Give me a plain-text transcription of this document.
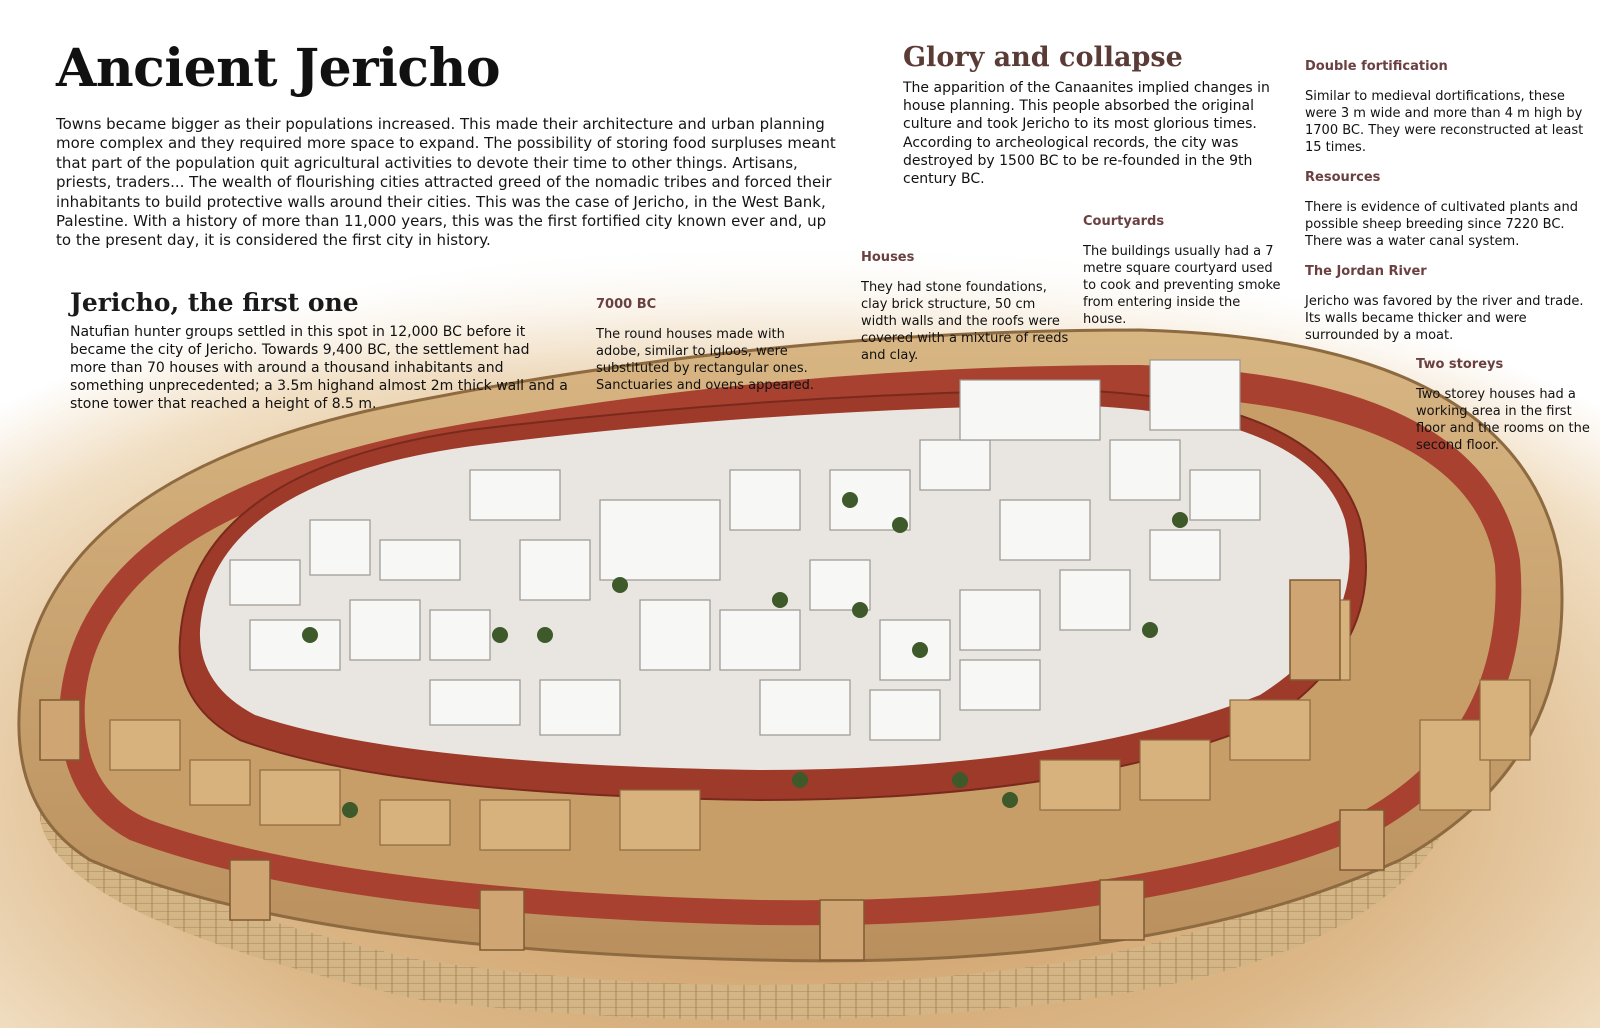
Ancient Jericho

Towns became bigger as their populations increased. This made their architecture and urban planning more complex and they required more space to expand. The possibility of storing food surpluses meant that part of the population quit agricultural activities to devote their time to other things. Artisans, priests, traders... The wealth of flourishing cities attracted greed of the nomadic tribes and forced their inhabitants to build protective walls around their cities. This was the case of Jericho, in the West Bank, Palestine. With a history of more than 11,000 years, this was the first fortified city known ever and, up to the present day, it is considered the first city in history.

Jericho, the first one

Natufian hunter groups settled in this spot in 12,000 BC before it became the city of Jericho. Towards 9,400 BC, the settlement had more than 70 houses with around a thousand inhabitants and something unprecedented; a 3.5m highand almost 2m thick wall and a stone tower that reached a height of 8.5 m.

Glory and collapse

The apparition of the Canaanites implied changes in house planning. This people absorbed the original culture and took Jericho to its most glorious times. According to archeological records, the city was destroyed by 1500 BC to be re-founded in the 9th century BC.

7000 BC

The round houses made with adobe, similar to igloos, were substituted by rectangular ones. Sanctuaries and ovens appeared.

Houses

They had stone foundations, clay brick structure, 50 cm width walls and the roofs were covered with a mixture of reeds and clay.

Courtyards

The buildings usually had a 7 metre square courtyard used to cook and preventing smoke from entering inside the house.

Double fortification

Similar to medieval dortifications, these were 3 m wide and more than 4 m high by 1700 BC. They were reconstructed at least 15 times.

Resources

There is evidence of cultivated plants and possible sheep breeding since 7220 BC. There was a water canal system.

The Jordan River

Jericho was favored by the river and trade. Its walls became thicker and were surrounded by a moat.

Two storeys

Two storey houses had a working area in the first floor and the rooms on the second floor.
